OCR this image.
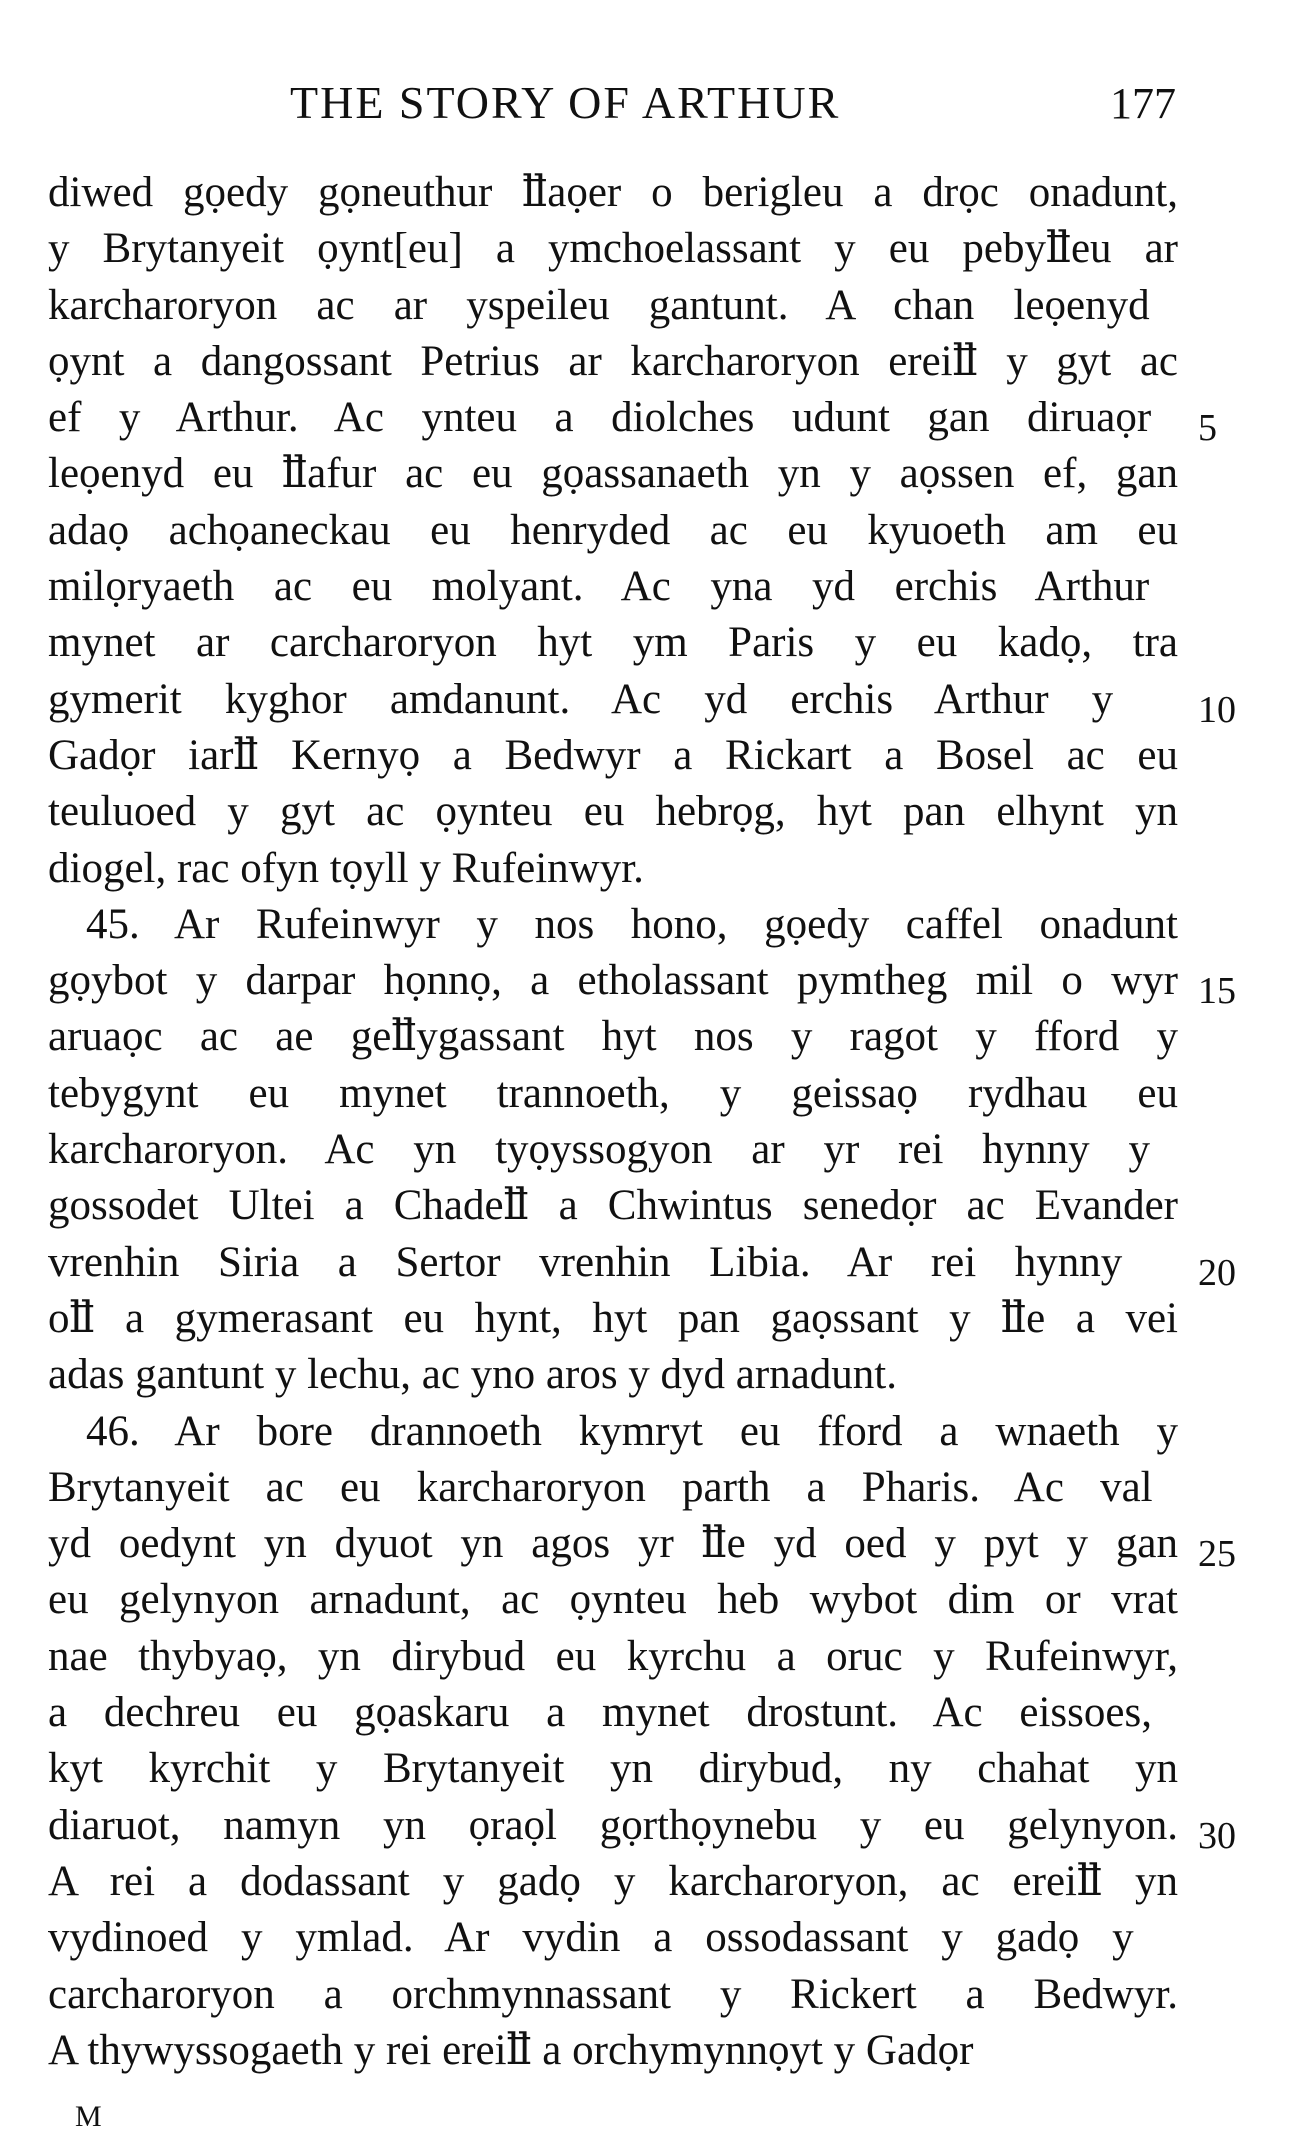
THE STORY OF ARTHUR	177
diwed gọedy gọneuthur ỻaọer o berigleu a drọc onadunt,
y Brytanyeit ọynt[eu] a ymchoelassant y eu pebyỻeu ar
karcharoryon ac ar yspeileu gantunt. A chan leọenyd
ọynt a dangossant Petrius ar karcharoryon ereiỻ y gyt ac
ef y Arthur. Ac ynteu a diolches udunt gan diruaọr 5
leọenyd eu ỻafur ac eu gọassanaeth yn y aọssen ef, gan
adaọ achọaneckau eu henryded ac eu kyuoeth am eu
milọryaeth ac eu molyant. Ac yna yd erchis Arthur
mynet ar carcharoryon hyt ym Paris y eu kadọ, tra
gymerit kyghor amdanunt. Ac yd erchis Arthur y 10
Gadọr iarỻ Kernyọ a Bedwyr a Rickart a Bosel ac eu
teuluoed y gyt ac ọynteu eu hebrọg, hyt pan elhynt yn
diogel, rac ofyn tọyll y Rufeinwyr.
45. Ar Rufeinwyr y nos hono, gọedy caffel onadunt
gọybot y darpar họnnọ, a etholassant pymtheg mil o wyr 15
aruaọc ac ae geỻygassant hyt nos y ragot y fford y
tebygynt eu mynet trannoeth, y geissaọ rydhau eu
karcharoryon. Ac yn tyọyssogyon ar yr rei hynny y
gossodet Ultei a Chadeỻ a Chwintus senedọr ac Evander
vrenhin Siria a Sertor vrenhin Libia. Ar rei hynny 20
oỻ a gymerasant eu hynt, hyt pan gaọssant y ỻe a vei
adas gantunt y lechu, ac yno aros y dyd arnadunt.
46. Ar bore drannoeth kymryt eu fford a wnaeth y
Brytanyeit ac eu karcharoryon parth a Pharis. Ac val
yd oedynt yn dyuot yn agos yr ỻe yd oed y pyt y gan 25
eu gelynyon arnadunt, ac ọynteu heb wybot dim or vrat
nae thybyaọ, yn dirybud eu kyrchu a oruc y Rufeinwyr,
a dechreu eu gọaskaru a mynet drostunt. Ac eissoes,
kyt kyrchit y Brytanyeit yn dirybud, ny chahat yn
diaruot, namyn yn ọraọl gọrthọynebu y eu gelynyon. 30
A rei a dodassant y gadọ y karcharoryon, ac ereiỻ yn
vydinoed y ymlad. Ar vydin a ossodassant y gadọ y
carcharoryon a orchmynnassant y Rickert a Bedwyr.
A thywyssogaeth y rei ereiỻ a orchymynnọyt y Gadọr
M
